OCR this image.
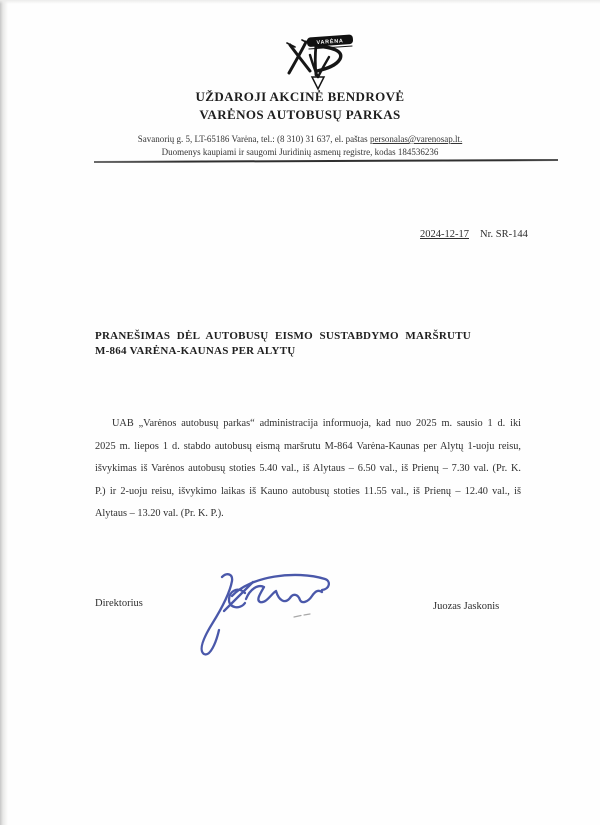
VARĖNA
UŽDAROJI AKCINĖ BENDROVĖ
VARĖNOS AUTOBUSŲ PARKAS
Savanorių g. 5, LT-65186 Varėna, tel.: (8 310) 31 637, el. paštas personalas@varenosap.lt.
Duomenys kaupiami ir saugomi Juridinių asmenų registre, kodas 184536236
2024-12-17 Nr. SR-144
PRANEŠIMAS DĖL AUTOBUSŲ EISMO SUSTABDYMO MARŠRUTU
M-864 VARĖNA-KAUNAS PER ALYTŲ
UAB „Varėnos autobusų parkas“ administracija informuoja, kad nuo 2025 m. sausio 1 d. iki
2025 m. liepos 1 d. stabdo autobusų eismą maršrutu M-864 Varėna-Kaunas per Alytų 1-uoju reisu,
išvykimas iš Varėnos autobusų stoties 5.40 val., iš Alytaus – 6.50 val., iš Prienų – 7.30 val. (Pr. K.
P.) ir 2-uoju reisu, išvykimo laikas iš Kauno autobusų stoties 11.55 val., iš Prienų – 12.40 val., iš
Alytaus – 13.20 val. (Pr. K. P.).
Direktorius	Juozas Jaskonis
